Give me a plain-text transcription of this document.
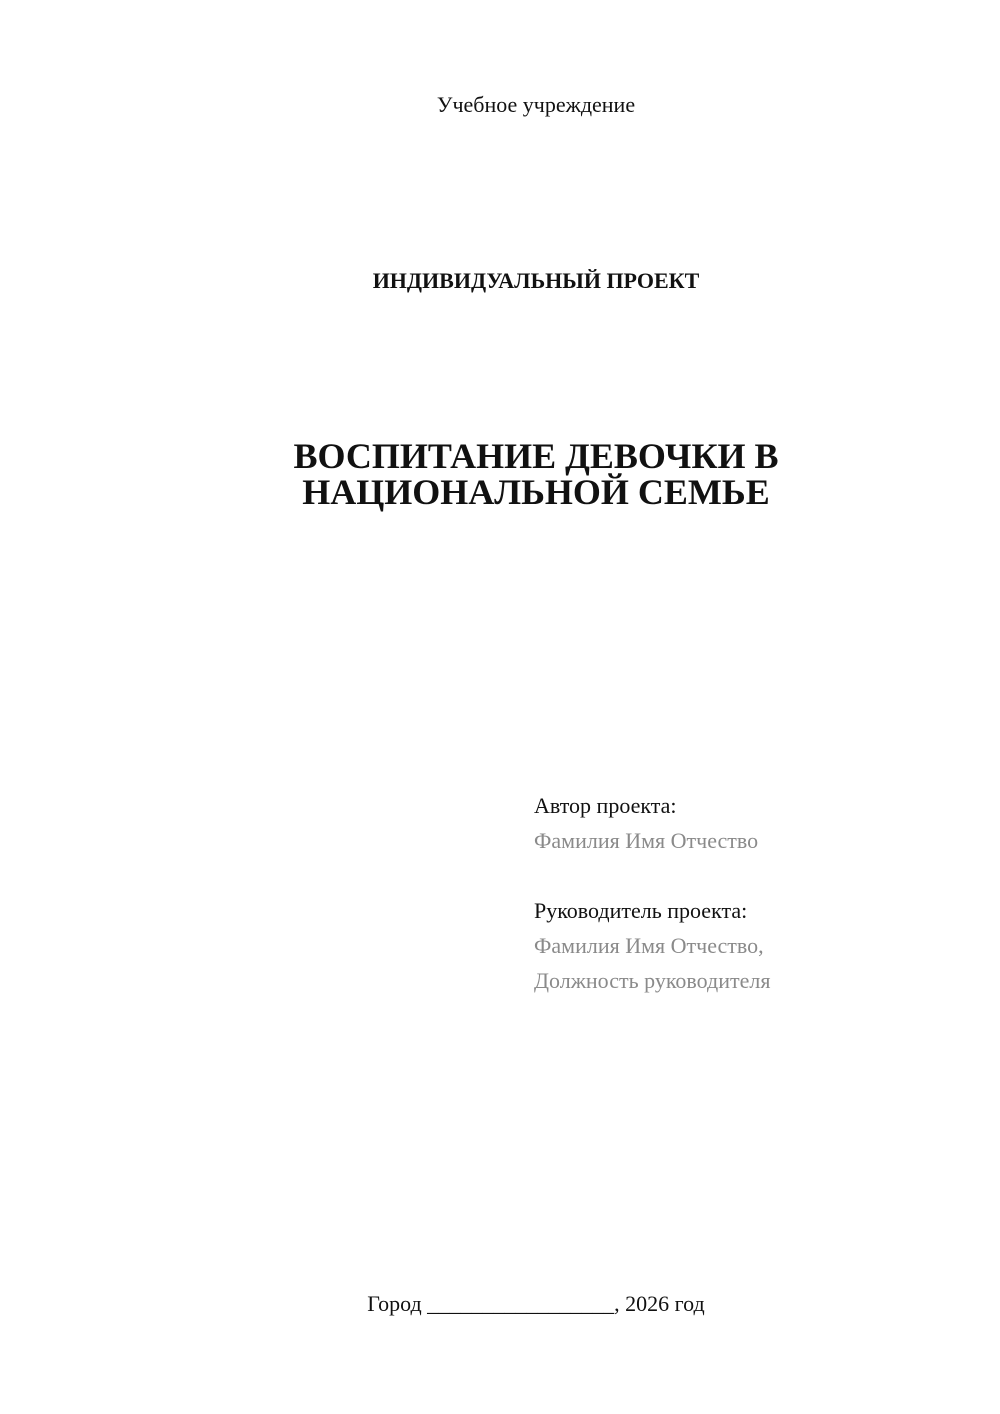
Учебное учреждение
ИНДИВИДУАЛЬНЫЙ ПРОЕКТ
ВОСПИТАНИЕ ДЕВОЧКИ В
НАЦИОНАЛЬНОЙ СЕМЬЕ
Автор проекта:
Фамилия Имя Отчество
Руководитель проекта:
Фамилия Имя Отчество,
Должность руководителя
Город _________________, 2026 год
